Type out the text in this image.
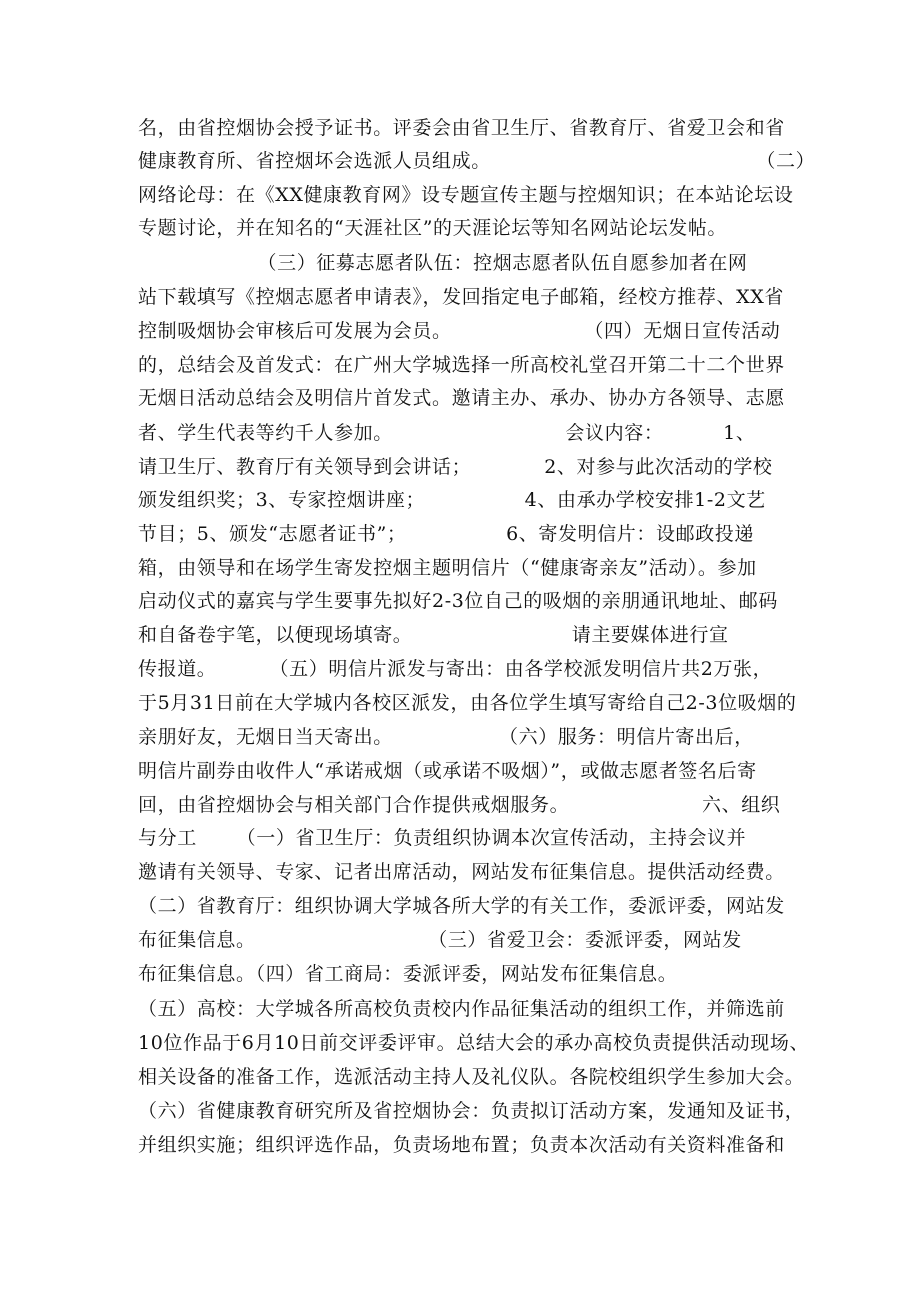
名，由省控烟协会授予证书。评委会由省卫生厅、省教育厅、省爱卫会和省
健康教育所、省控烟坏会选派人员组成。                                        （二）
网络论母：在《XX健康教育网》设专题宣传主题与控烟知识；在本站论坛设
专题讨论，并在知名的“天涯社区”的天涯论坛等知名网站论坛发帖。
（三）征募志愿者队伍：控烟志愿者队伍自愿参加者在网
站下载填写《控烟志愿者申请表》，发回指定电子邮箱，经校方推荐、XX省
控制吸烟协会审核后可发展为会员。                    （四）无烟日宣传活动
的，总结会及首发式：在广州大学城选择一所高校礼堂召开第二十二个世界
无烟日活动总结会及明信片首发式。邀请主办、承办、协办方各领导、志愿
者、学生代表等约千人参加。                          会议内容：         1、
请卫生厅、教育厅有关领导到会讲话；           2、对参与此次活动的学校
颁发组织奖；3、专家控烟讲座；               4、由承办学校安排1-2文艺
节目；5、颁发“志愿者证书”；               6、寄发明信片：设邮政投递
箱，由领导和在场学生寄发控烟主题明信片（“健康寄亲友”活动）。参加
启动仪式的嘉宾与学生要事先拟好2-3位自己的吸烟的亲朋通讯地址、邮码
和自备卷宇笔，以便现场填寄。                        请主要媒体进行宣
传报道。        （五）明信片派发与寄出：由各学校派发明信片共2万张，
于5月31日前在大学城内各校区派发，由各位学生填写寄给自己2-3位吸烟的
亲朋好友，无烟日当天寄出。                （六）服务：明信片寄出后，
明信片副券由收件人“承诺戒烟（或承诺不吸烟）”，或做志愿者签名后寄
回，由省控烟协会与相关部门合作提供戒烟服务。                    六、组织
与分工      （一）省卫生厅：负责组织协调本次宣传活动，主持会议并
邀请有关领导、专家、记者出席活动，网站发布征集信息。提供活动经费。
（二）省教育厅：组织协调大学城各所大学的有关工作，委派评委，网站发
布征集信息。                          （三）省爱卫会：委派评委，网站发
布征集信息。（四）省工商局：委派评委，网站发布征集信息。
（五）高校：大学城各所高校负责校内作品征集活动的组织工作，并筛选前
10位作品于6月10日前交评委评审。总结大会的承办高校负责提供活动现场、
相关设备的准备工作，选派活动主持人及礼仪队。各院校组织学生参加大会。
（六）省健康教育研究所及省控烟协会：负责拟订活动方案，发通知及证书，
并组织实施；组织评选作品，负责场地布置；负责本次活动有关资料准备和
